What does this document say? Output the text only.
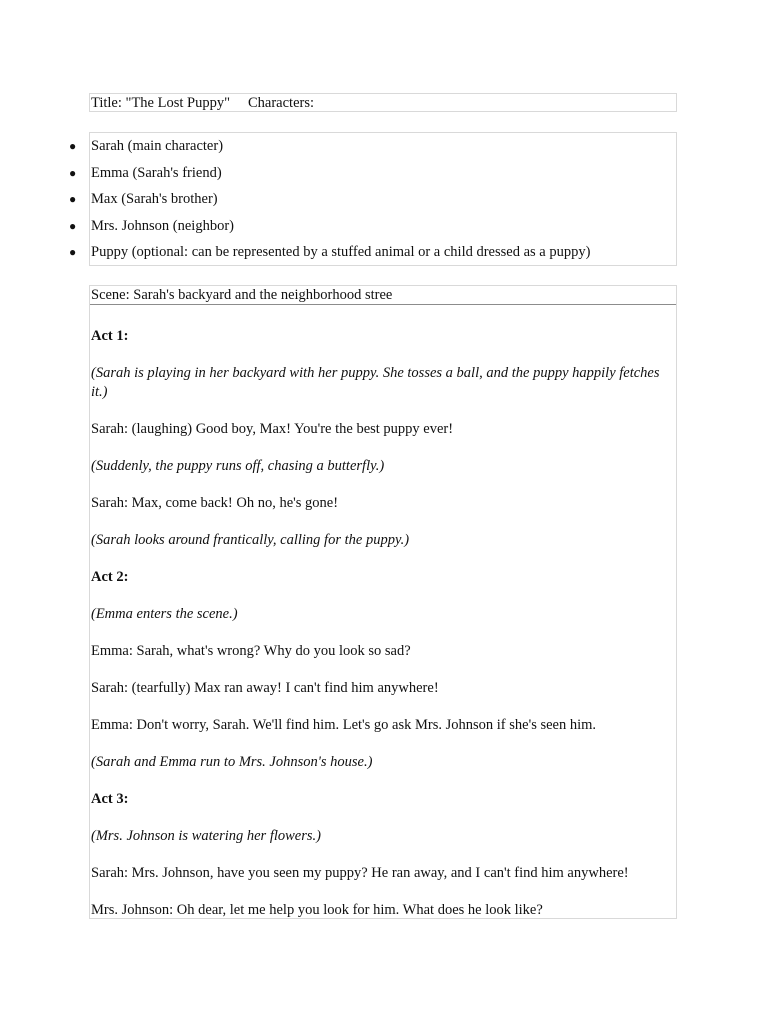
Title: "The Lost Puppy" Characters:
● Sarah (main character)
● Emma (Sarah's friend)
● Max (Sarah's brother)
● Mrs. Johnson (neighbor)
● Puppy (optional: can be represented by a stuffed animal or a child dressed as a puppy)
Scene: Sarah's backyard and the neighborhood stree

Act 1:

(Sarah is playing in her backyard with her puppy. She tosses a ball, and the puppy happily fetches it.)

Sarah: (laughing) Good boy, Max! You're the best puppy ever!

(Suddenly, the puppy runs off, chasing a butterfly.)

Sarah: Max, come back! Oh no, he's gone!

(Sarah looks around frantically, calling for the puppy.)

Act 2:

(Emma enters the scene.)

Emma: Sarah, what's wrong? Why do you look so sad?

Sarah: (tearfully) Max ran away! I can't find him anywhere!

Emma: Don't worry, Sarah. We'll find him. Let's go ask Mrs. Johnson if she's seen him.

(Sarah and Emma run to Mrs. Johnson's house.)

Act 3:

(Mrs. Johnson is watering her flowers.)

Sarah: Mrs. Johnson, have you seen my puppy? He ran away, and I can't find him anywhere!

Mrs. Johnson: Oh dear, let me help you look for him. What does he look like?
